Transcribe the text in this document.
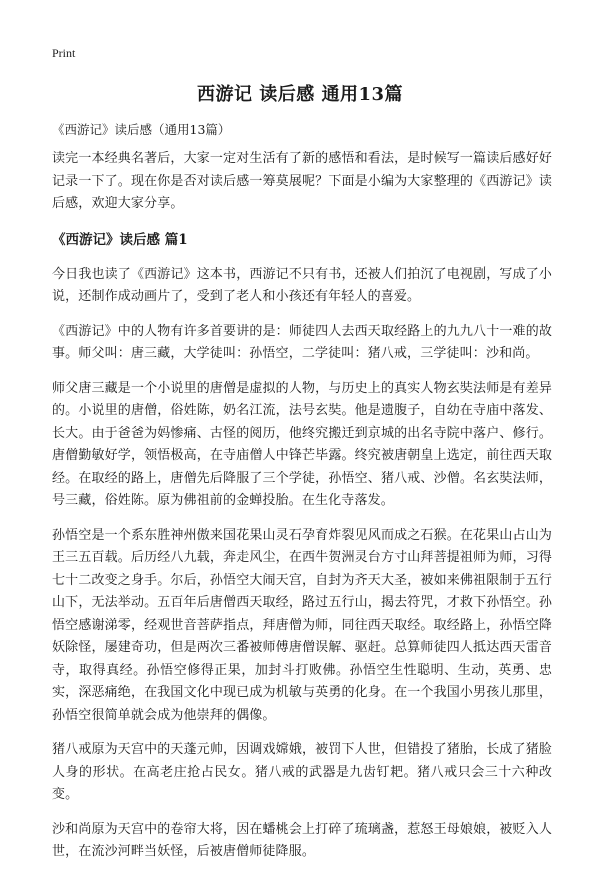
Print
西游记 读后感 通用13篇
《西游记》读后感（通用13篇）

读完一本经典名著后，大家一定对生活有了新的感悟和看法，是时候写一篇读后感好好记录一下了。现在你是否对读后感一筹莫展呢？下面是小编为大家整理的《西游记》读后感，欢迎大家分享。

《西游记》读后感 篇1

今日我也读了《西游记》这本书，西游记不只有书，还被人们拍沉了电视剧，写成了小说，还制作成动画片了，受到了老人和小孩还有年轻人的喜爱。

《西游记》中的人物有许多首要讲的是：师徒四人去西天取经路上的九九八十一难的故事。师父叫：唐三藏，大学徒叫：孙悟空，二学徒叫：猪八戒，三学徒叫：沙和尚。

师父唐三藏是一个小说里的唐僧是虚拟的人物，与历史上的真实人物玄奘法师是有差异的。小说里的唐僧，俗姓陈，奶名江流，法号玄奘。他是遗腹子，自幼在寺庙中落发、长大。由于爸爸为妈惨痛、古怪的阅历，他终究搬迁到京城的出名寺院中落户、修行。唐僧勤敏好学，领悟极高，在寺庙僧人中锋芒毕露。终究被唐朝皇上选定，前往西天取经。在取经的路上，唐僧先后降服了三个学徒，孙悟空、猪八戒、沙僧。名玄奘法师，号三藏，俗姓陈。原为佛祖前的金蝉投胎。在生化寺落发。

孙悟空是一个系东胜神州傲来国花果山灵石孕育炸裂见风而成之石猴。在花果山占山为王三五百载。后历经八九载，奔走风尘，在西牛贺洲灵台方寸山拜菩提祖师为师，习得七十二改变之身手。尔后，孙悟空大闹天宫，自封为齐天大圣，被如来佛祖限制于五行山下，无法举动。五百年后唐僧西天取经，路过五行山，揭去符咒，才救下孙悟空。孙悟空感谢涕零，经观世音菩萨指点，拜唐僧为师，同往西天取经。取经路上，孙悟空降妖除怪，屡建奇功，但是两次三番被师傅唐僧误解、驱赶。总算师徒四人抵达西天雷音寺，取得真经。孙悟空修得正果，加封斗打败佛。孙悟空生性聪明、生动，英勇、忠实，深恶痛绝，在我国文化中现已成为机敏与英勇的化身。在一个我国小男孩儿那里，孙悟空很简单就会成为他崇拜的偶像。

猪八戒原为天宫中的天蓬元帅，因调戏嫦娥，被罚下人世，但错投了猪胎，长成了猪脸人身的形状。在高老庄抢占民女。猪八戒的武器是九齿钉耙。猪八戒只会三十六种改变。

沙和尚原为天宫中的卷帘大将，因在蟠桃会上打碎了琉璃盏，惹怒王母娘娘，被贬入人世，在流沙河畔当妖怪，后被唐僧师徒降服。
